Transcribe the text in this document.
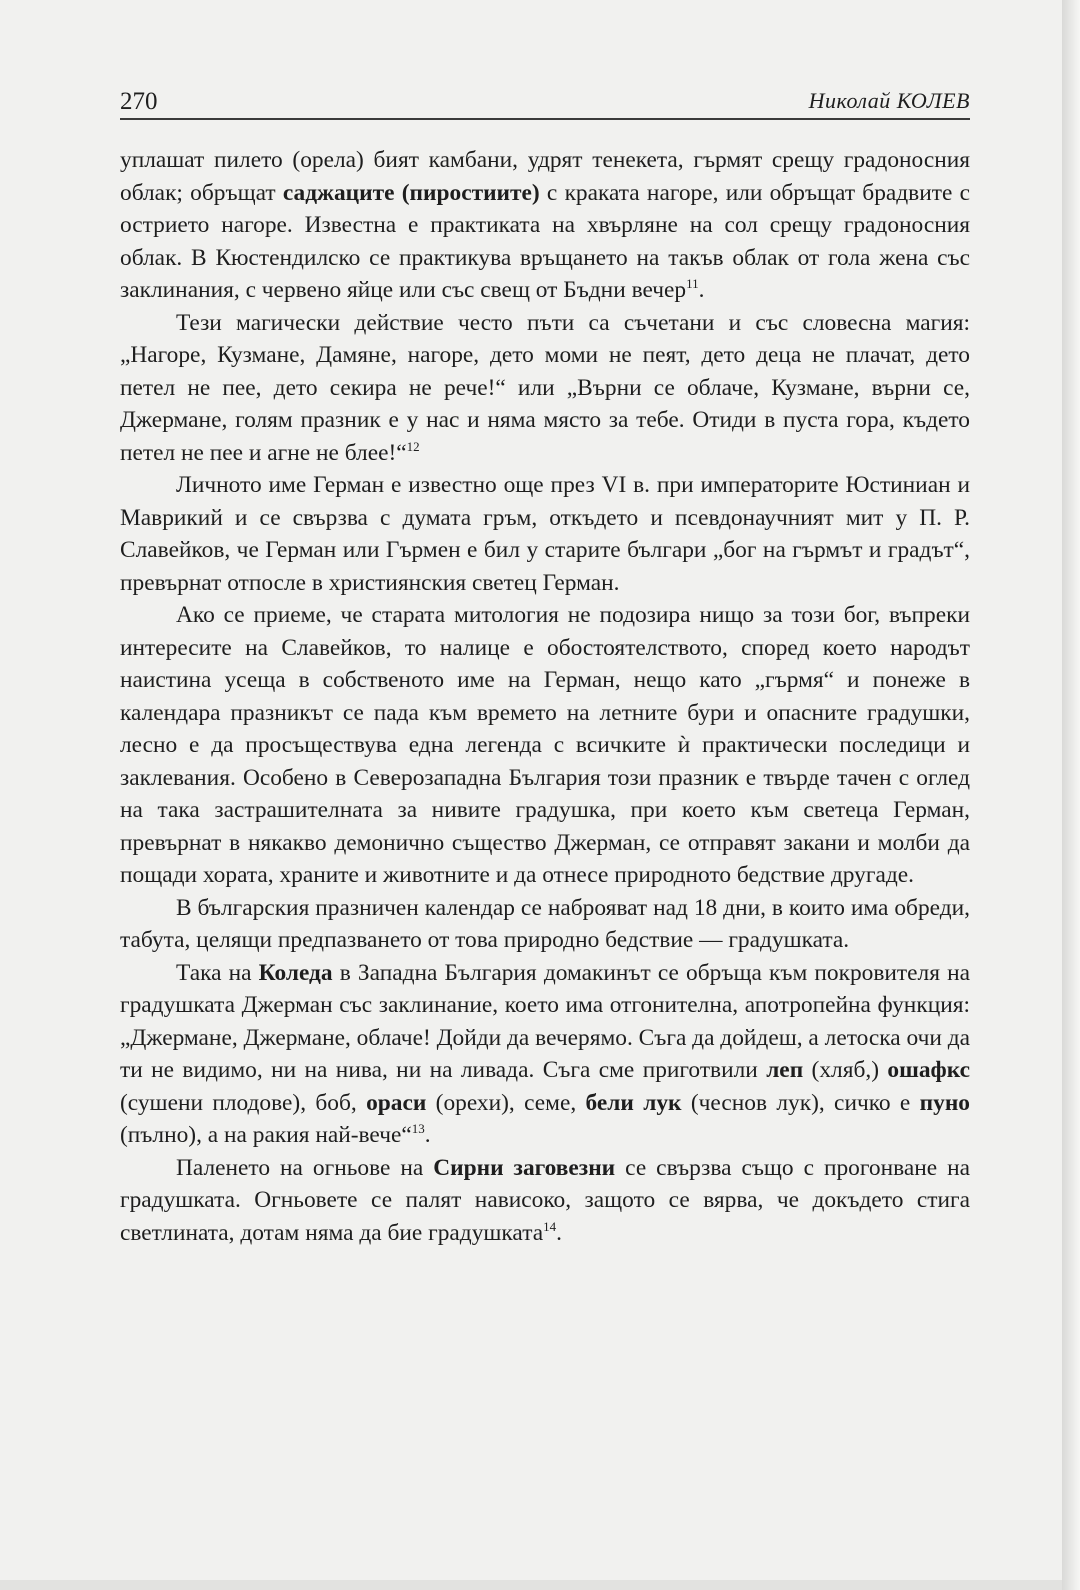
270	Николай КОЛЕВ

уплашат пилето (орела) бият камбани, удрят тенекета, гърмят срещу градоносния облак; обръщат саджаците (пиростиите) с краката нагоре, или обръщат брадвите с острието нагоре. Известна е практиката на хвърляне на сол срещу градоносния облак. В Кюстендилско се практикува връщането на такъв облак от гола жена със заклинания, с червено яйце или със свещ от Бъдни вечер$^{11}$.

Тези магически действие често пъти са съчетани и със словесна магия: „Нагоре, Кузмане, Дамяне, нагоре, дето моми не пеят, дето деца не плачат, дето петел не пее, дето секира не рече!“ или „Върни се облаче, Кузмане, върни се, Джермане, голям празник е у нас и няма място за тебе. Отиди в пуста гора, където петел не пее и агне не блее!“$^{12}$

Личното име Герман е известно още през VI в. при императорите Юстиниан и Маврикий и се свързва с думата гръм, откъдето и псевдонаучният мит у П. Р. Славейков, че Герман или Гърмен е бил у старите българи „бог на гърмът и градът“, превърнат отпосле в християнския светец Герман.

Ако се приеме, че старата митология не подозира нищо за този бог, въпреки интересите на Славейков, то налице е обостоятелството, според което народът наистина усеща в собственото име на Герман, нещо като „гърмя“ и понеже в календара празникът се пада към времето на летните бури и опасните градушки, лесно е да просъществува една легенда с всичките ѝ практически последици и заклевания. Особено в Северозападна България този празник е твърде тачен с оглед на така застрашителната за нивите градушка, при което към светеца Герман, превърнат в някакво демонично същество Джерман, се отправят закани и молби да пощади хората, храните и животните и да отнесе природното бедствие другаде.

В българския празничен календар се наброяват над 18 дни, в които има обреди, табута, целящи предпазването от това природно бедствие — градушката.

Така на Коледа в Западна България домакинът се обръща към покровителя на градушката Джерман със заклинание, което има отгонителна, апотропейна функция: „Джермане, Джермане, облаче! Дойди да вечерямо. Съга да дойдеш, а летоска очи да ти не видимо, ни на нива, ни на ливада. Съга сме приготвили леп (хляб,) ошафкс (сушени плодове), боб, ораси (орехи), семе, бели лук (чеснов лук), сичко е пуно (пълно), а на ракия най-вече“$^{13}$.

Паленето на огньове на Сирни заговезни се свързва също с прогонване на градушката. Огньовете се палят нависоко, защото се вярва, че докъдето стига светлината, дотам няма да бие градушката$^{14}$.
